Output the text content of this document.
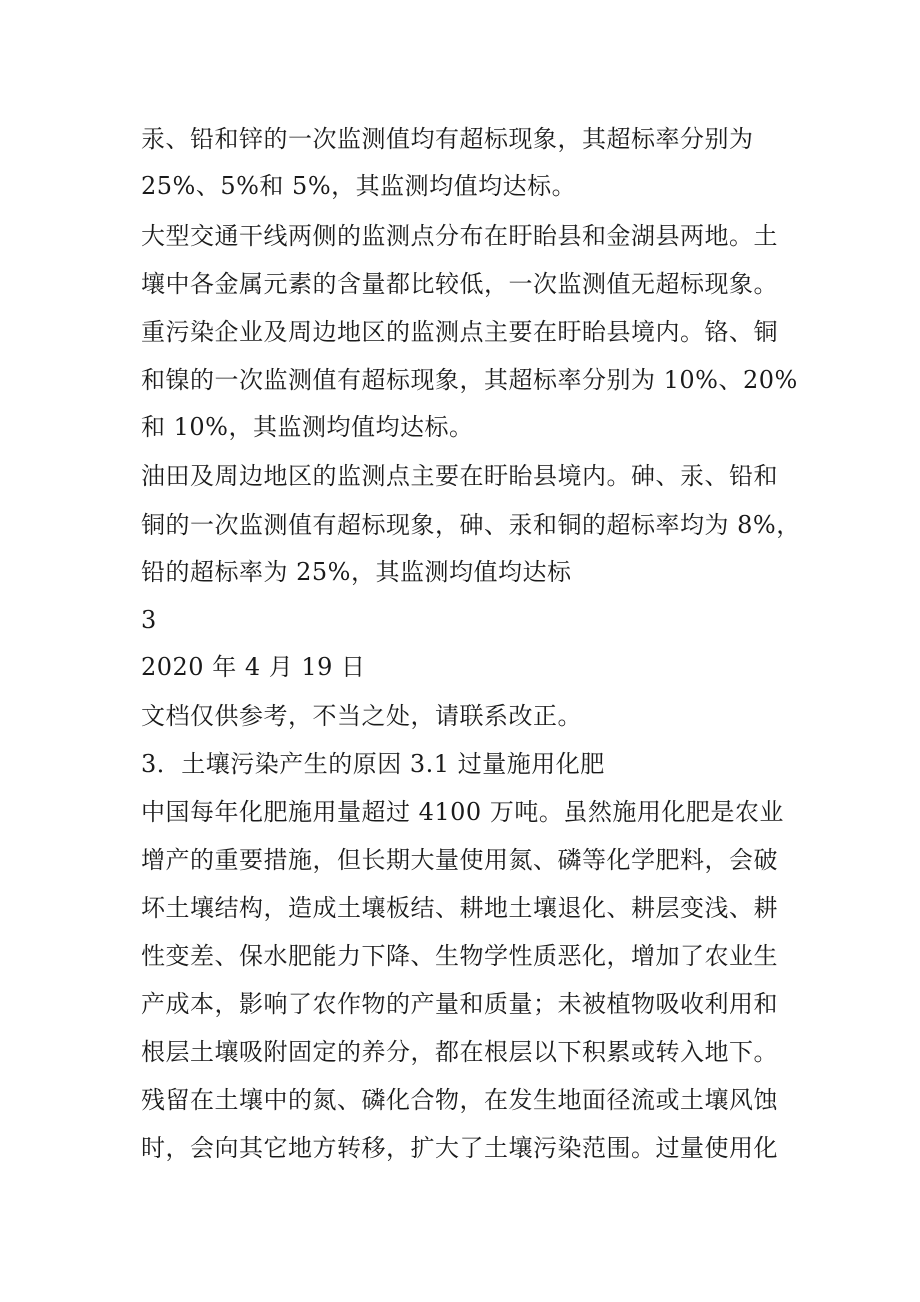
汞、铅和锌的一次监测值均有超标现象，其超标率分别为
25%、5%和 5%，其监测均值均达标。
大型交通干线两侧的监测点分布在盱眙县和金湖县两地。土
壤中各金属元素的含量都比较低，一次监测值无超标现象。
重污染企业及周边地区的监测点主要在盱眙县境内。铬、铜
和镍的一次监测值有超标现象，其超标率分别为 10%、20%
和 10%，其监测均值均达标。
油田及周边地区的监测点主要在盱眙县境内。砷、汞、铅和
铜的一次监测值有超标现象，砷、汞和铜的超标率均为 8%，
铅的超标率为 25%，其监测均值均达标
3
2020 年 4 月 19 日
文档仅供参考，不当之处，请联系改正。
3．土壤污染产生的原因 3.1 过量施用化肥
中国每年化肥施用量超过 4100 万吨。虽然施用化肥是农业
增产的重要措施，但长期大量使用氮、磷等化学肥料，会破
坏土壤结构，造成土壤板结、耕地土壤退化、耕层变浅、耕
性变差、保水肥能力下降、生物学性质恶化，增加了农业生
产成本，影响了农作物的产量和质量；未被植物吸收利用和
根层土壤吸附固定的养分，都在根层以下积累或转入地下。
残留在土壤中的氮、磷化合物，在发生地面径流或土壤风蚀
时，会向其它地方转移，扩大了土壤污染范围。过量使用化
